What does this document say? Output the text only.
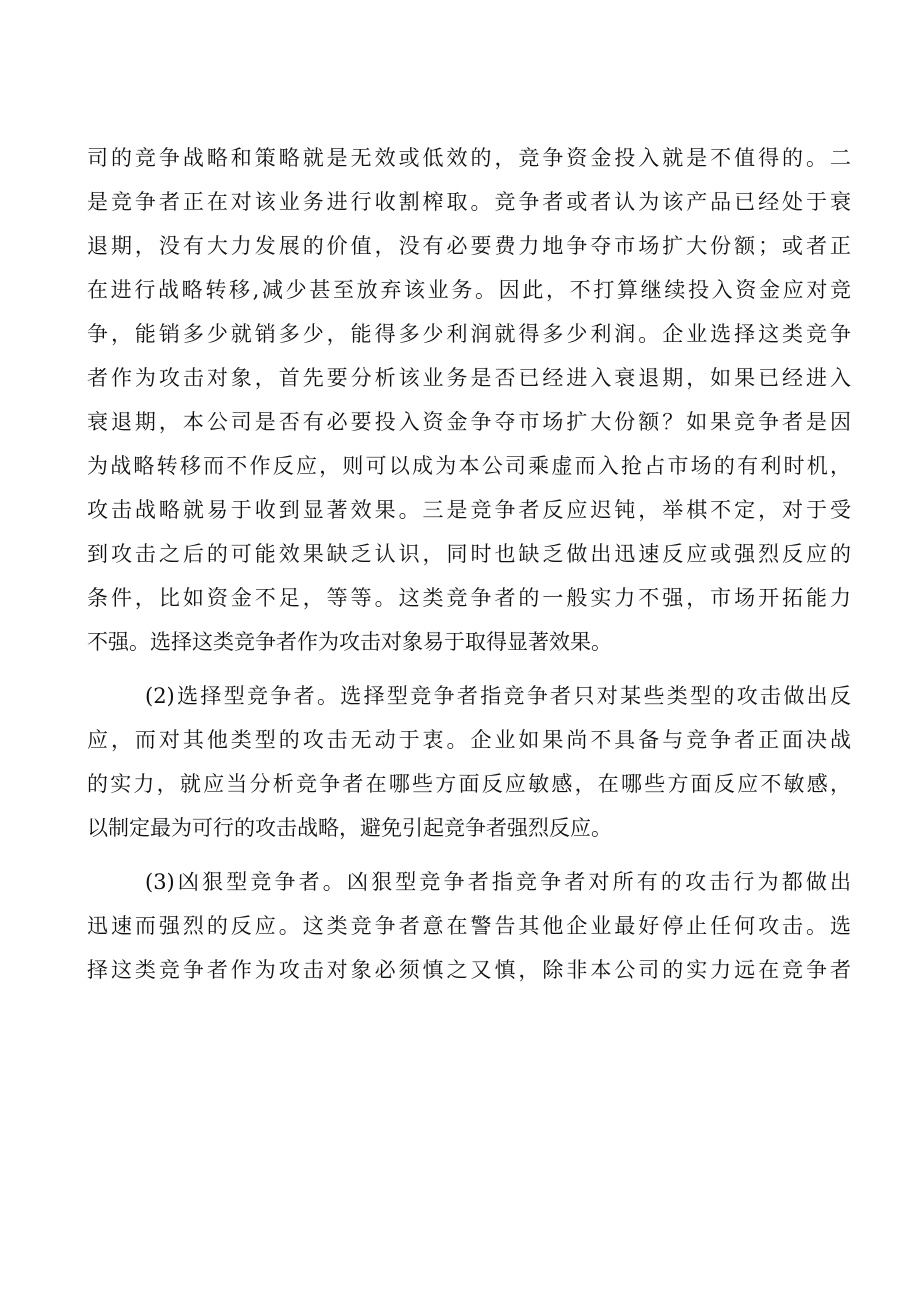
司的竞争战略和策略就是无效或低效的，竞争资金投入就是不值得的。二
是竞争者正在对该业务进行收割榨取。竞争者或者认为该产品已经处于衰
退期，没有大力发展的价值，没有必要费力地争夺市场扩大份额；或者正
在进行战略转移,减少甚至放弃该业务。因此，不打算继续投入资金应对竞
争，能销多少就销多少，能得多少利润就得多少利润。企业选择这类竞争
者作为攻击对象，首先要分析该业务是否已经进入衰退期，如果已经进入
衰退期，本公司是否有必要投入资金争夺市场扩大份额？如果竞争者是因
为战略转移而不作反应，则可以成为本公司乘虚而入抢占市场的有利时机，
攻击战略就易于收到显著效果。三是竞争者反应迟钝，举棋不定，对于受
到攻击之后的可能效果缺乏认识，同时也缺乏做出迅速反应或强烈反应的
条件，比如资金不足，等等。这类竞争者的一般实力不强，市场开拓能力
不强。选择这类竞争者作为攻击对象易于取得显著效果。
(2)选择型竞争者。选择型竞争者指竞争者只对某些类型的攻击做出反
应，而对其他类型的攻击无动于衷。企业如果尚不具备与竞争者正面决战
的实力，就应当分析竞争者在哪些方面反应敏感，在哪些方面反应不敏感，
以制定最为可行的攻击战略，避免引起竞争者强烈反应。
(3)凶狠型竞争者。凶狠型竞争者指竞争者对所有的攻击行为都做出
迅速而强烈的反应。这类竞争者意在警告其他企业最好停止任何攻击。选
择这类竞争者作为攻击对象必须慎之又慎，除非本公司的实力远在竞争者
